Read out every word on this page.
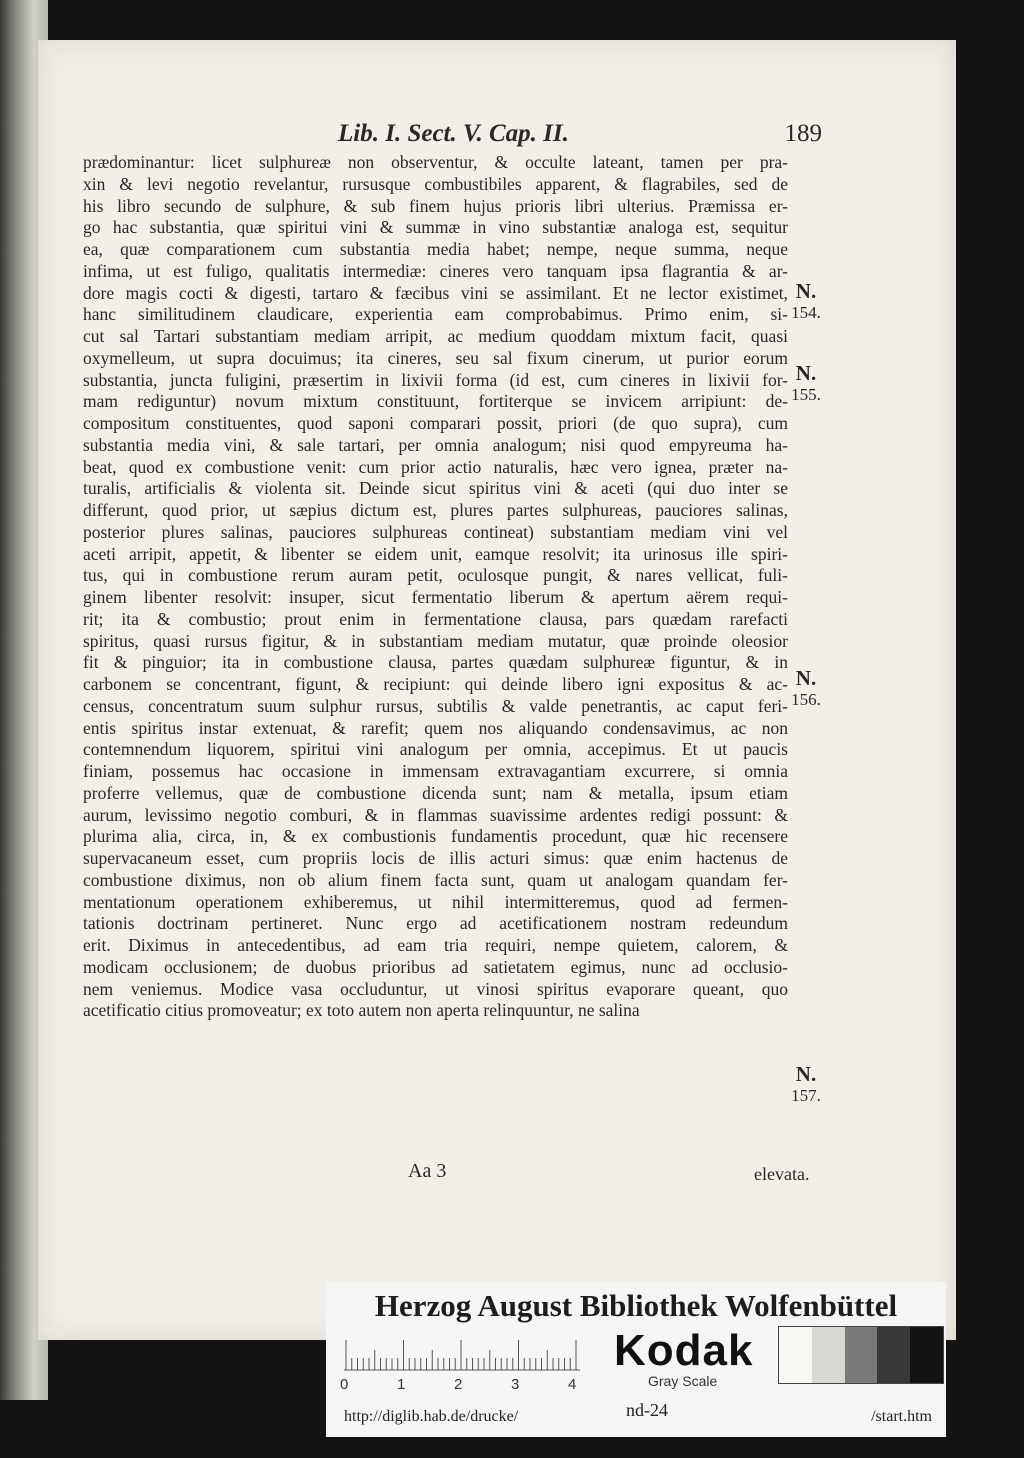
Lib. I. Sect. V. Cap. II.	189
prædominantur: licet sulphureæ non observentur, & occulte lateant, tamen per pra-
xin & levi negotio revelantur, rursusque combustibiles apparent, & flagrabiles, sed de
his libro secundo de sulphure, & sub finem hujus prioris libri ulterius. Præmissa er-
go hac substantia, quæ spiritui vini & summæ in vino substantiæ analoga est, sequitur
ea, quæ comparationem cum substantia media habet; nempe, neque summa, neque
infima, ut est fuligo, qualitatis intermediæ: cineres vero tanquam ipsa flagrantia & ar-
dore magis cocti & digesti, tartaro & fæcibus vini se assimilant. Et ne lector existimet,
hanc similitudinem claudicare, experientia eam comprobabimus. Primo enim, si-
cut sal Tartari substantiam mediam arripit, ac medium quoddam mixtum facit, quasi
oxymelleum, ut supra docuimus; ita cineres, seu sal fixum cinerum, ut purior eorum
substantia, juncta fuligini, præsertim in lixivii forma (id est, cum cineres in lixivii for-
mam rediguntur) novum mixtum constituunt, fortiterque se invicem arripiunt: de-
compositum constituentes, quod saponi comparari possit, priori (de quo supra), cum
substantia media vini, & sale tartari, per omnia analogum; nisi quod empyreuma ha-
beat, quod ex combustione venit: cum prior actio naturalis, hæc vero ignea, præter na-
turalis, artificialis & violenta sit. Deinde sicut spiritus vini & aceti (qui duo inter se
differunt, quod prior, ut sæpius dictum est, plures partes sulphureas, pauciores salinas,
posterior plures salinas, pauciores sulphureas contineat) substantiam mediam vini vel
aceti arripit, appetit, & libenter se eidem unit, eamque resolvit; ita urinosus ille spiri-
tus, qui in combustione rerum auram petit, oculosque pungit, & nares vellicat, fuli-
ginem libenter resolvit: insuper, sicut fermentatio liberum & apertum aërem requi-
rit; ita & combustio; prout enim in fermentatione clausa, pars quædam rarefacti
spiritus, quasi rursus figitur, & in substantiam mediam mutatur, quæ proinde oleosior
fit & pinguior; ita in combustione clausa, partes quædam sulphureæ figuntur, & in
carbonem se concentrant, figunt, & recipiunt: qui deinde libero igni expositus & ac-
census, concentratum suum sulphur rursus, subtilis & valde penetrantis, ac caput feri-
entis spiritus instar extenuat, & rarefit; quem nos aliquando condensavimus, ac non
contemnendum liquorem, spiritui vini analogum per omnia, accepimus. Et ut paucis
finiam, possemus hac occasione in immensam extravagantiam excurrere, si omnia
proferre vellemus, quæ de combustione dicenda sunt; nam & metalla, ipsum etiam
aurum, levissimo negotio comburi, & in flammas suavissime ardentes redigi possunt: &
plurima alia, circa, in, & ex combustionis fundamentis procedunt, quæ hic recensere
supervacaneum esset, cum propriis locis de illis acturi simus: quæ enim hactenus de
combustione diximus, non ob alium finem facta sunt, quam ut analogam quandam fer-
mentationum operationem exhiberemus, ut nihil intermitteremus, quod ad fermen-
tationis doctrinam pertineret. Nunc ergo ad acetificationem nostram redeundum
erit. Diximus in antecedentibus, ad eam tria requiri, nempe quietem, calorem, &
modicam occlusionem; de duobus prioribus ad satietatem egimus, nunc ad occlusio-
nem veniemus. Modice vasa occluduntur, ut vinosi spiritus evaporare queant, quo
acetificatio citius promoveatur; ex toto autem non aperta relinquuntur, ne salina
N.
154.
N.
155.
N.
156.
N.
157.
Aa 3	elevata.
Herzog August Bibliothek Wolfenbüttel
0	1	2	3	4
Kodak
Gray Scale
http://diglib.hab.de/drucke/	nd-24	/start.htm
